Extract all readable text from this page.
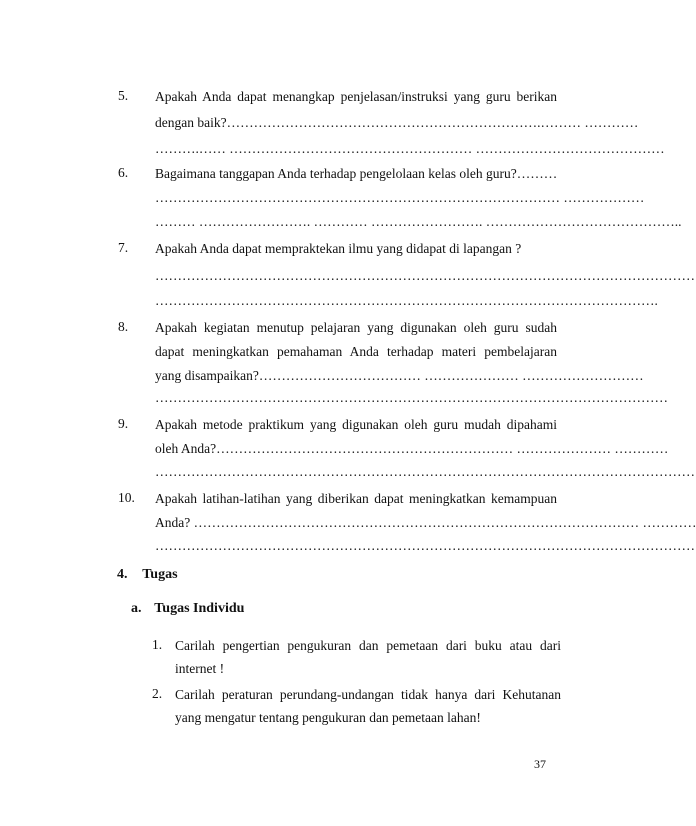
5.	Apakah Anda dapat menangkap penjelasan/instruksi yang guru berikan
dengan baik?…………………………………………………………….……… …………
……….…… ……………………………………………… ……………………………………
6.	Bagaimana tanggapan Anda terhadap pengelolaan kelas oleh guru?………
……………………………………………………………………………… ………………
……… ……………………. ………… ……………………. ……………………………………..
7.	Apakah Anda dapat mempraktekan ilmu yang didapat di lapangan ?
…………………………………………………………………………………………………………
………………………………………………………………………………………………….
8.	Apakah kegiatan menutup pelajaran yang digunakan oleh guru sudah
dapat meningkatkan pemahaman Anda terhadap materi pembelajaran
yang disampaikan?……………………………… ………………… ………………………
……………………………………………………………………………………………………
9.	Apakah metode praktikum yang digunakan oleh guru mudah dipahami
oleh Anda?………………………………………………………… ………………… …………
…………………………………………………………………………………………………………
10.	Apakah latihan-latihan yang diberikan dapat meningkatkan kemampuan
Anda? ……………………………………………………………………………………… …………
…………………………………………………………………………………………………………
4. Tugas
a. Tugas Individu
1. Carilah pengertian pengukuran dan pemetaan dari buku atau dari
internet !
2. Carilah peraturan perundang-undangan tidak hanya dari Kehutanan
yang mengatur tentang pengukuran dan pemetaan lahan!
37
